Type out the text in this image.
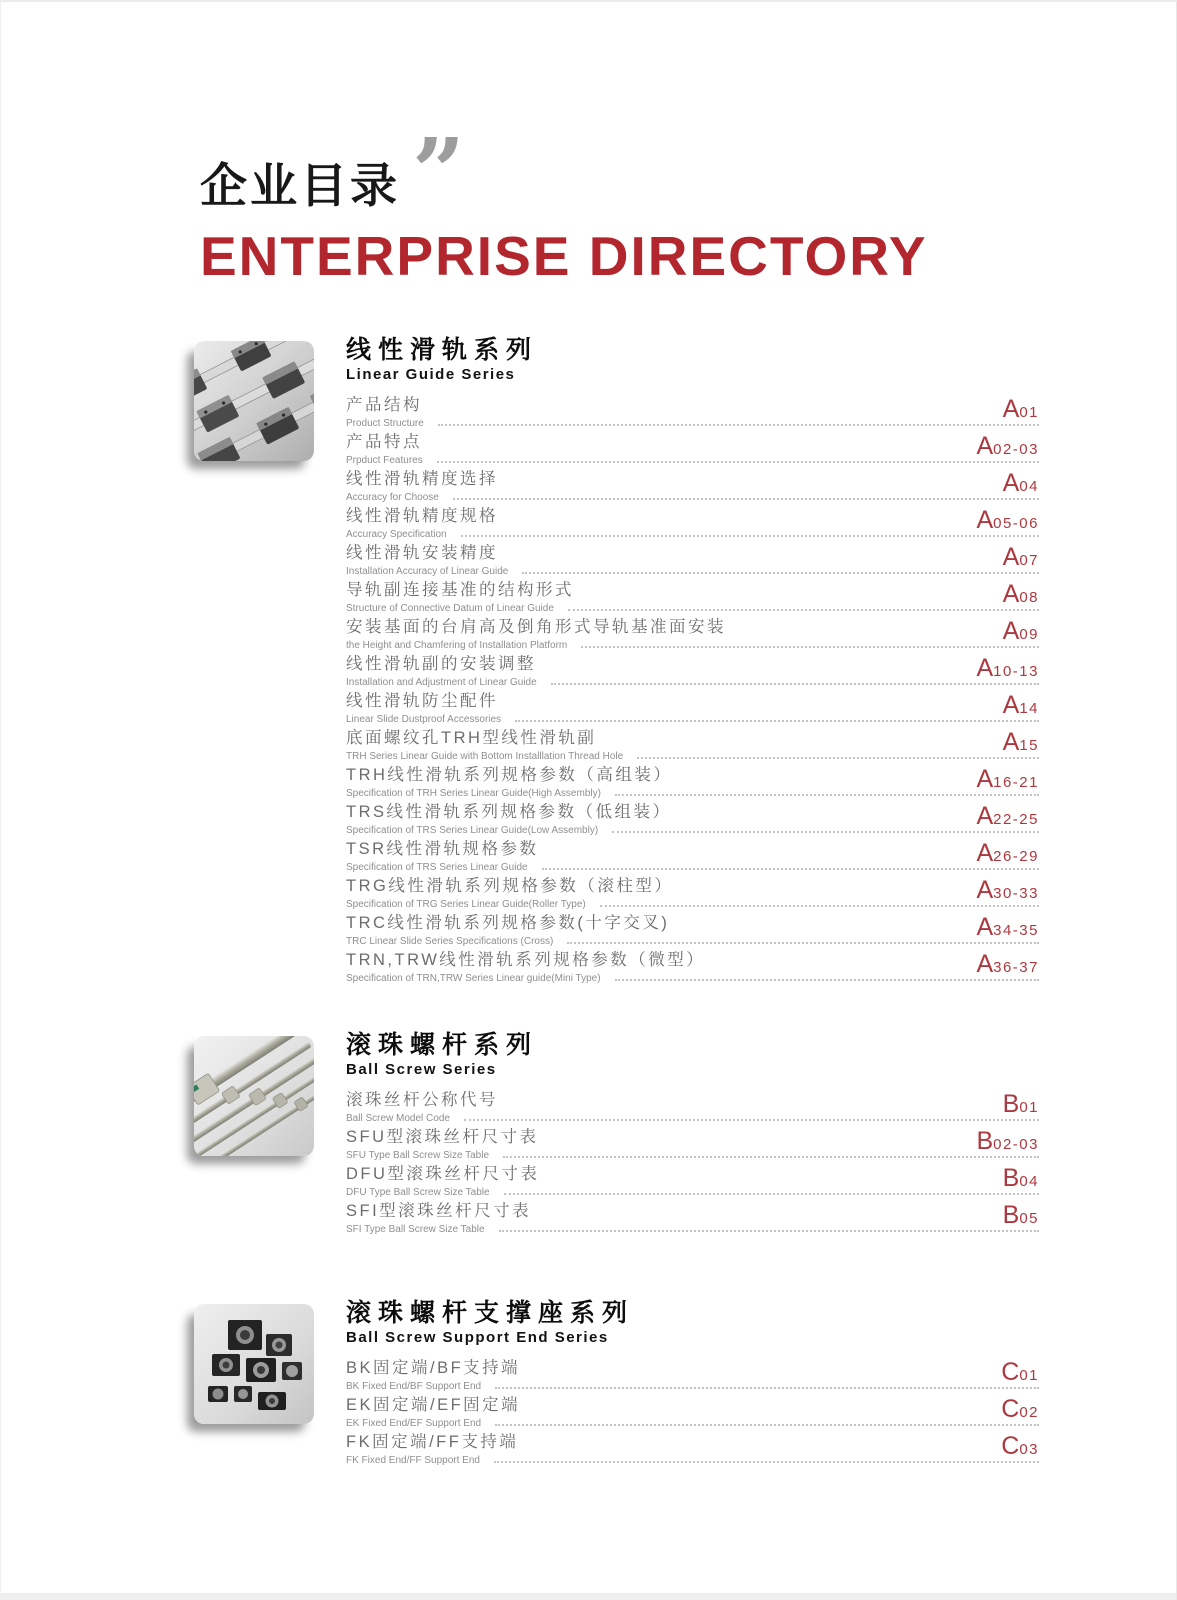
企业目录 ”
ENTERPRISE DIRECTORY
线性滑轨系列
Linear Guide Series
产品结构
Product Structure
A 01
产品特点
Prpduct Features
A 02-03
线性滑轨精度选择
Accuracy for Choose
A 04
线性滑轨精度规格
Accuracy Specification
A 05-06
线性滑轨安装精度
Installation Accuracy of Linear Guide
A 07
导轨副连接基准的结构形式
Structure of Connective Datum of Linear Guide
A 08
安装基面的台肩高及倒角形式导轨基准面安装
the Height and Chamfering of Installation Platform
A 09
线性滑轨副的安装调整
Installation and Adjustment of Linear Guide
A 10-13
线性滑轨防尘配件
Linear Slide Dustproof Accessories
A 14
底面螺纹孔TRH型线性滑轨副
TRH Series Linear Guide with Bottom Installlation Thread Hole
A 15
TRH线性滑轨系列规格参数（高组装）
Specification of TRH Series Linear Guide(High Assembly)
A 16-21
TRS线性滑轨系列规格参数（低组装）
Specification of TRS Series Linear Guide(Low Assembly)
A 22-25
TSR线性滑轨规格参数
Specification of TRS Series Linear Guide
A 26-29
TRG线性滑轨系列规格参数（滚柱型）
Specification of TRG Series Linear Guide(Roller Type)
A 30-33
TRC线性滑轨系列规格参数(十字交叉)
TRC Linear Slide Series Specifications (Cross)
A 34-35
TRN,TRW线性滑轨系列规格参数（微型）
Specification of TRN,TRW Series Linear guide(Mini Type)
A 36-37
滚珠螺杆系列
Ball Screw Series
滚珠丝杆公称代号
Ball Screw Model Code
B 01
SFU型滚珠丝杆尺寸表
SFU Type Ball Screw Size Table
B 02-03
DFU型滚珠丝杆尺寸表
DFU Type Ball Screw Size Table
B 04
SFI型滚珠丝杆尺寸表
SFI Type Ball Screw Size Table
B 05
滚珠螺杆支撑座系列
Ball Screw Support End Series
BK固定端/BF支持端
BK Fixed End/BF Support End
C 01
EK固定端/EF固定端
EK Fixed End/EF Support End
C 02
FK固定端/FF支持端
FK Fixed End/FF Support End
C 03
